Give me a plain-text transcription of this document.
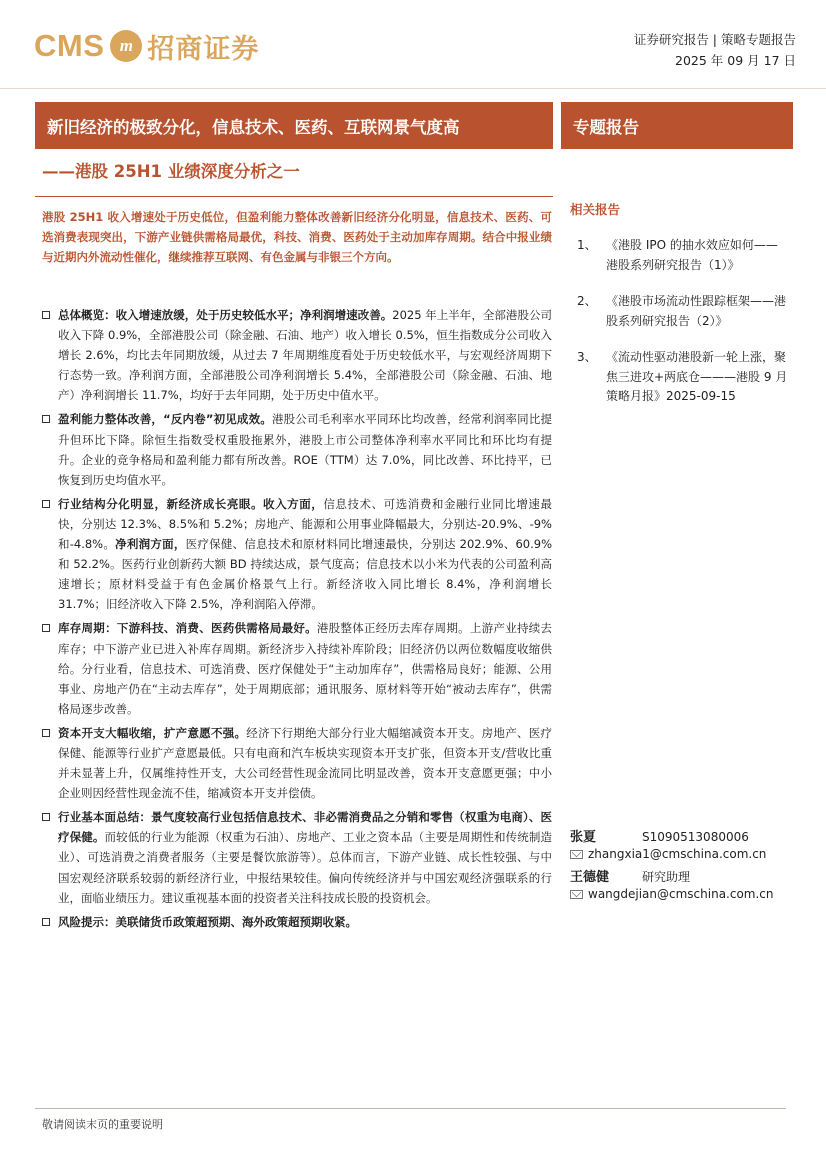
CMS m 招商证券	证券研究报告 | 策略专题报告
2025 年 09 月 17 日
新旧经济的极致分化，信息技术、医药、互联网景气度高	专题报告
——港股 25H1 业绩深度分析之一
港股 25H1 收入增速处于历史低位，但盈利能力整体改善新旧经济分化明显，信息技术、医药、可选消费表现突出，下游产业链供需格局最优，科技、消费、医药处于主动加库存周期。结合中报业绩与近期内外流动性催化，继续推荐互联网、有色金属与非银三个方向。
总体概览：收入增速放缓，处于历史较低水平；净利润增速改善。2025 年上半年，全部港股公司收入下降 0.9%，全部港股公司（除金融、石油、地产）收入增长 0.5%，恒生指数成分公司收入增长 2.6%，均比去年同期放缓，从过去 7 年周期维度看处于历史较低水平，与宏观经济周期下行态势一致。净利润方面，全部港股公司净利润增长 5.4%，全部港股公司（除金融、石油、地产）净利润增长 11.7%，均好于去年同期，处于历史中值水平。
盈利能力整体改善，“反内卷”初见成效。港股公司毛利率水平同环比均改善，经常利润率同比提升但环比下降。除恒生指数受权重股拖累外，港股上市公司整体净利率水平同比和环比均有提升。企业的竞争格局和盈利能力都有所改善。ROE（TTM）达 7.0%，同比改善、环比持平，已恢复到历史均值水平。
行业结构分化明显，新经济成长亮眼。收入方面，信息技术、可选消费和金融行业同比增速最快，分别达 12.3%、8.5%和 5.2%；房地产、能源和公用事业降幅最大，分别达-20.9%、-9%和-4.8%。净利润方面，医疗保健、信息技术和原材料同比增速最快，分别达 202.9%、60.9%和 52.2%。医药行业创新药大额 BD 持续达成，景气度高；信息技术以小米为代表的公司盈利高速增长；原材料受益于有色金属价格景气上行。新经济收入同比增长 8.4%，净利润增长 31.7%；旧经济收入下降 2.5%，净利润陷入停滞。
库存周期：下游科技、消费、医药供需格局最好。港股整体正经历去库存周期。上游产业持续去库存；中下游产业已进入补库存周期。新经济步入持续补库阶段；旧经济仍以两位数幅度收缩供给。分行业看，信息技术、可选消费、医疗保健处于“主动加库存”，供需格局良好；能源、公用事业、房地产仍在“主动去库存”，处于周期底部；通讯服务、原材料等开始“被动去库存”，供需格局逐步改善。
资本开支大幅收缩，扩产意愿不强。经济下行期绝大部分行业大幅缩减资本开支。房地产、医疗保健、能源等行业扩产意愿最低。只有电商和汽车板块实现资本开支扩张，但资本开支/营收比重并未显著上升，仅属维持性开支，大公司经营性现金流同比明显改善，资本开支意愿更强；中小企业则因经营性现金流不佳，缩减资本开支并偿债。
行业基本面总结：景气度较高行业包括信息技术、非必需消费品之分销和零售（权重为电商）、医疗保健。而较低的行业为能源（权重为石油）、房地产、工业之资本品（主要是周期性和传统制造业）、可选消费之消费者服务（主要是餐饮旅游等）。总体而言，下游产业链、成长性较强、与中国宏观经济联系较弱的新经济行业，中报结果较佳。偏向传统经济并与中国宏观经济强联系的行业，面临业绩压力。建议重视基本面的投资者关注科技成长股的投资机会。
风险提示：美联储货币政策超预期、海外政策超预期收紧。
相关报告
1、 《港股 IPO 的抽水效应如何——港股系列研究报告（1）》
2、 《港股市场流动性跟踪框架——港股系列研究报告（2）》
3、 《流动性驱动港股新一轮上涨，聚焦三进攻+两底仓———港股 9 月策略月报》2025-09-15
张夏	S1090513080006
zhangxia1@cmschina.com.cn
王德健	研究助理
wangdejian@cmschina.com.cn
敬请阅读末页的重要说明
